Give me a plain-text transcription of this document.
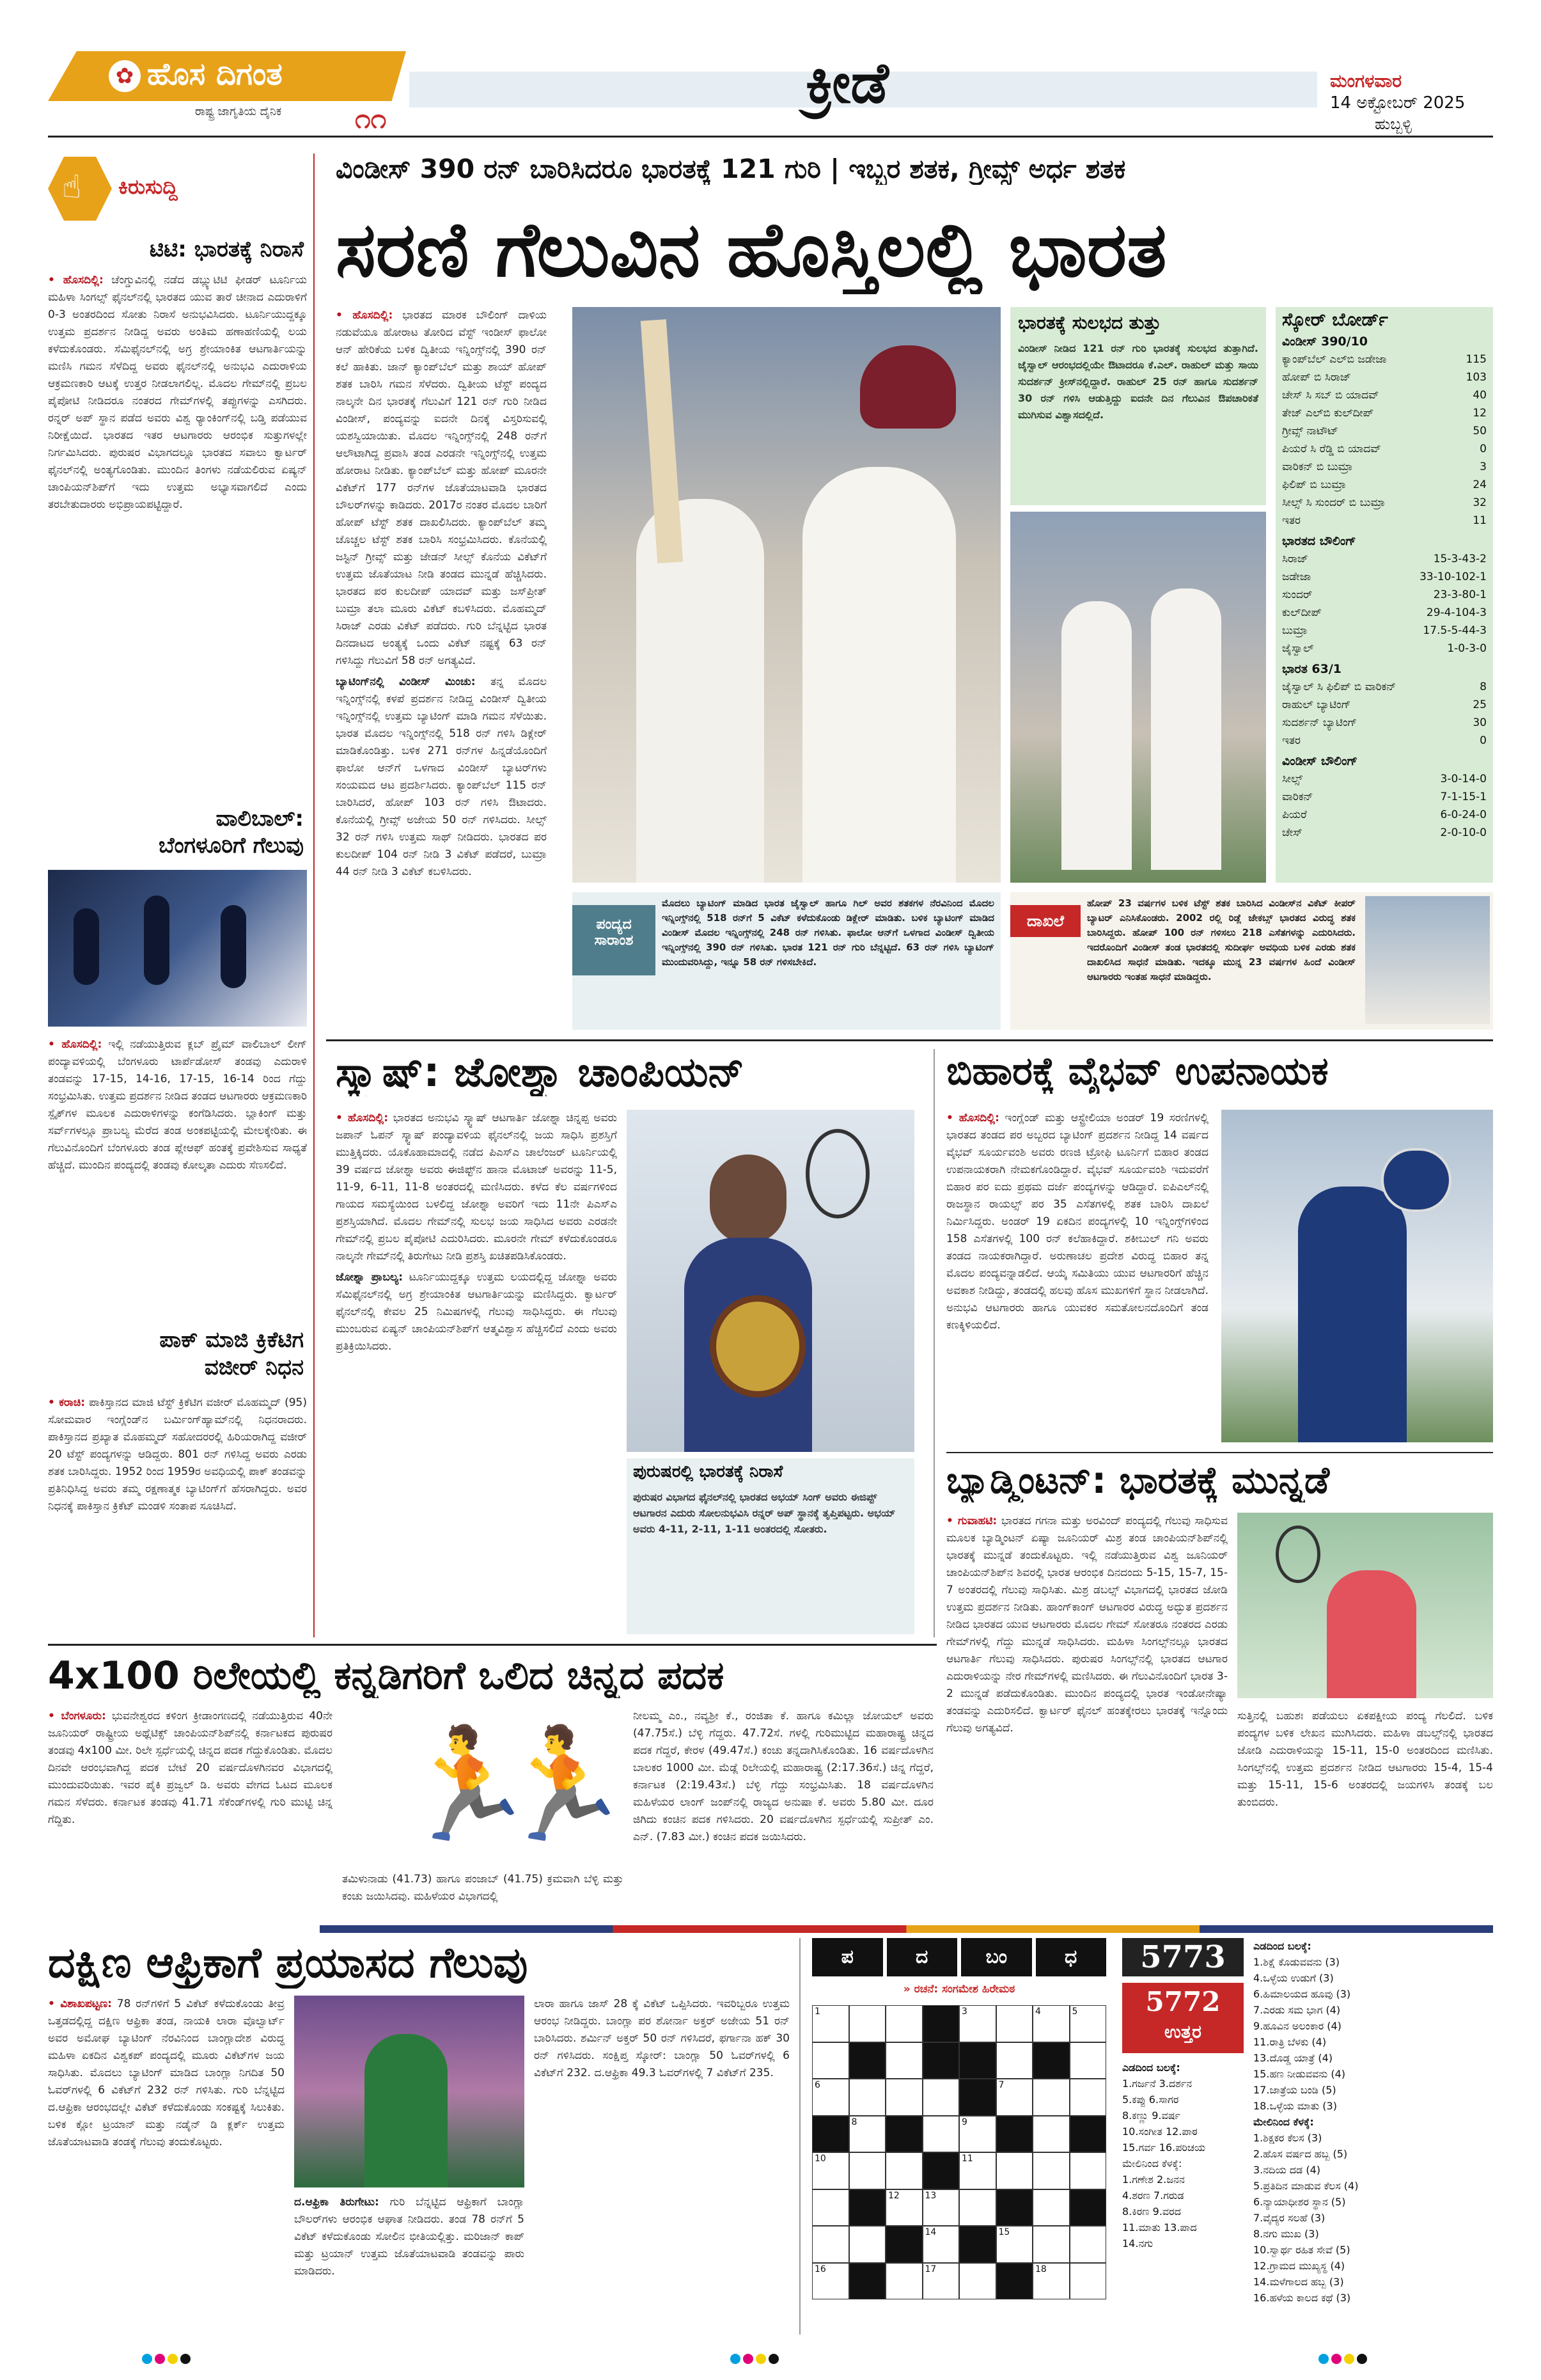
✿ ಹೊಸ ದಿಗಂತ
ರಾಷ್ಟ್ರ ಜಾಗೃತಿಯ ದೈನಿಕ	೧೧
ಕ್ರೀಡೆ	ಮಂಗಳವಾರ
14 ಅಕ್ಟೋಬರ್ 2025
ಹುಬ್ಬಳ್ಳಿ
☝ ಕಿರುಸುದ್ದಿ
ಟಿಟಿ: ಭಾರತಕ್ಕೆ ನಿರಾಸೆ
• ಹೊಸದಿಲ್ಲಿ: ಚೆಂಗ್ಡುವಿನಲ್ಲಿ ನಡೆದ ಡಬ್ಲ್ಯುಟಿಟಿ ಫೀಡರ್ ಟೂರ್ನಿಯ ಮಹಿಳಾ ಸಿಂಗಲ್ಸ್ ಫೈನಲ್‌ನಲ್ಲಿ ಭಾರತದ ಯುವ ತಾರೆ ಚೀನಾದ ಎದುರಾಳಿಗೆ 0-3 ಅಂತರದಿಂದ ಸೋತು ನಿರಾಸೆ ಅನುಭವಿಸಿದರು. ಟೂರ್ನಿಯುದ್ದಕ್ಕೂ ಉತ್ತಮ ಪ್ರದರ್ಶನ ನೀಡಿದ್ದ ಅವರು ಅಂತಿಮ ಹಣಾಹಣಿಯಲ್ಲಿ ಲಯ ಕಳೆದುಕೊಂಡರು. ಸೆಮಿಫೈನಲ್‌ನಲ್ಲಿ ಅಗ್ರ ಶ್ರೇಯಾಂಕಿತ ಆಟಗಾರ್ತಿಯನ್ನು ಮಣಿಸಿ ಗಮನ ಸೆಳೆದಿದ್ದ ಅವರು ಫೈನಲ್‌ನಲ್ಲಿ ಅನುಭವಿ ಎದುರಾಳಿಯ ಆಕ್ರಮಣಕಾರಿ ಆಟಕ್ಕೆ ಉತ್ತರ ನೀಡಲಾಗಲಿಲ್ಲ. ಮೊದಲ ಗೇಮ್‌ನಲ್ಲಿ ಪ್ರಬಲ ಪೈಪೋಟಿ ನೀಡಿದರೂ ನಂತರದ ಗೇಮ್‌ಗಳಲ್ಲಿ ತಪ್ಪುಗಳನ್ನು ಎಸಗಿದರು. ರನ್ನರ್ ಅಪ್ ಸ್ಥಾನ ಪಡೆದ ಅವರು ವಿಶ್ವ ರ‍್ಯಾಂಕಿಂಗ್‌ನಲ್ಲಿ ಬಡ್ತಿ ಪಡೆಯುವ ನಿರೀಕ್ಷೆಯಿದೆ. ಭಾರತದ ಇತರ ಆಟಗಾರರು ಆರಂಭಿಕ ಸುತ್ತುಗಳಲ್ಲೇ ನಿರ್ಗಮಿಸಿದರು. ಪುರುಷರ ವಿಭಾಗದಲ್ಲೂ ಭಾರತದ ಸವಾಲು ಕ್ವಾರ್ಟರ್ ಫೈನಲ್‌ನಲ್ಲಿ ಅಂತ್ಯಗೊಂಡಿತು. ಮುಂದಿನ ತಿಂಗಳು ನಡೆಯಲಿರುವ ಏಷ್ಯನ್ ಚಾಂಪಿಯನ್‌ಶಿಪ್‌ಗೆ ಇದು ಉತ್ತಮ ಅಭ್ಯಾಸವಾಗಲಿದೆ ಎಂದು ತರಬೇತುದಾರರು ಅಭಿಪ್ರಾಯಪಟ್ಟಿದ್ದಾರೆ.
ವಾಲಿಬಾಲ್:
ಬೆಂಗಳೂರಿಗೆ ಗೆಲುವು
• ಹೊಸದಿಲ್ಲಿ: ಇಲ್ಲಿ ನಡೆಯುತ್ತಿರುವ ಕ್ಲಬ್ ಪ್ರೈಮ್ ವಾಲಿಬಾಲ್ ಲೀಗ್ ಪಂದ್ಯಾವಳಿಯಲ್ಲಿ ಬೆಂಗಳೂರು ಟಾರ್ಪೆಡೋಸ್ ತಂಡವು ಎದುರಾಳಿ ತಂಡವನ್ನು 17-15, 14-16, 17-15, 16-14 ರಿಂದ ಗೆದ್ದು ಸಂಭ್ರಮಿಸಿತು. ಉತ್ತಮ ಪ್ರದರ್ಶನ ನೀಡಿದ ತಂಡದ ಆಟಗಾರರು ಆಕ್ರಮಣಕಾರಿ ಸ್ಪೈಕ್‌ಗಳ ಮೂಲಕ ಎದುರಾಳಿಗಳನ್ನು ಕಂಗೆಡಿಸಿದರು. ಬ್ಲಾಕಿಂಗ್ ಮತ್ತು ಸರ್ವ್‌ಗಳಲ್ಲೂ ಪ್ರಾಬಲ್ಯ ಮೆರೆದ ತಂಡ ಅಂಕಪಟ್ಟಿಯಲ್ಲಿ ಮೇಲಕ್ಕೇರಿತು. ಈ ಗೆಲುವಿನೊಂದಿಗೆ ಬೆಂಗಳೂರು ತಂಡ ಪ್ಲೇಆಫ್ ಹಂತಕ್ಕೆ ಪ್ರವೇಶಿಸುವ ಸಾಧ್ಯತೆ ಹೆಚ್ಚಿದೆ. ಮುಂದಿನ ಪಂದ್ಯದಲ್ಲಿ ತಂಡವು ಕೋಲ್ಕತಾ ಎದುರು ಸೆಣಸಲಿದೆ.
ಪಾಕ್ ಮಾಜಿ ಕ್ರಿಕೆಟಿಗ
ವಜೀರ್ ನಿಧನ
• ಕರಾಚಿ: ಪಾಕಿಸ್ತಾನದ ಮಾಜಿ ಟೆಸ್ಟ್ ಕ್ರಿಕೆಟಿಗ ವಜೀರ್ ಮೊಹಮ್ಮದ್ (95) ಸೋಮವಾರ ಇಂಗ್ಲೆಂಡ್‌ನ ಬರ್ಮಿಂಗ್‌ಹ್ಯಾಮ್‌ನಲ್ಲಿ ನಿಧನರಾದರು. ಪಾಕಿಸ್ತಾನದ ಪ್ರಖ್ಯಾತ ಮೊಹಮ್ಮದ್ ಸಹೋದರರಲ್ಲಿ ಹಿರಿಯರಾಗಿದ್ದ ವಜೀರ್ 20 ಟೆಸ್ಟ್ ಪಂದ್ಯಗಳನ್ನು ಆಡಿದ್ದರು. 801 ರನ್ ಗಳಿಸಿದ್ದ ಅವರು ಎರಡು ಶತಕ ಬಾರಿಸಿದ್ದರು. 1952 ರಿಂದ 1959ರ ಅವಧಿಯಲ್ಲಿ ಪಾಕ್ ತಂಡವನ್ನು ಪ್ರತಿನಿಧಿಸಿದ್ದ ಅವರು ತಮ್ಮ ರಕ್ಷಣಾತ್ಮಕ ಬ್ಯಾಟಿಂಗ್‌ಗೆ ಹೆಸರಾಗಿದ್ದರು. ಅವರ ನಿಧನಕ್ಕೆ ಪಾಕಿಸ್ತಾನ ಕ್ರಿಕೆಟ್ ಮಂಡಳಿ ಸಂತಾಪ ಸೂಚಿಸಿದೆ.
ವಿಂಡೀಸ್ 390 ರನ್ ಬಾರಿಸಿದರೂ ಭಾರತಕ್ಕೆ 121 ಗುರಿ | ಇಬ್ಬರ ಶತಕ, ಗ್ರೀವ್ಸ್ ಅರ್ಧ ಶತಕ
ಸರಣಿ ಗೆಲುವಿನ ಹೊಸ್ತಿಲಲ್ಲಿ ಭಾರತ
• ಹೊಸದಿಲ್ಲಿ: ಭಾರತದ ಮಾರಕ ಬೌಲಿಂಗ್ ದಾಳಿಯ ನಡುವೆಯೂ ಹೋರಾಟ ತೋರಿದ ವೆಸ್ಟ್ ಇಂಡೀಸ್ ಫಾಲೋ ಆನ್ ಹೇರಿಕೆಯ ಬಳಿಕ ದ್ವಿತೀಯ ಇನ್ನಿಂಗ್ಸ್‌ನಲ್ಲಿ 390 ರನ್ ಕಲೆ ಹಾಕಿತು. ಜಾನ್ ಕ್ಯಾಂಪ್‌ಬೆಲ್ ಮತ್ತು ಶಾಯ್ ಹೋಪ್ ಶತಕ ಬಾರಿಸಿ ಗಮನ ಸೆಳೆದರು. ದ್ವಿತೀಯ ಟೆಸ್ಟ್ ಪಂದ್ಯದ ನಾಲ್ಕನೇ ದಿನ ಭಾರತಕ್ಕೆ ಗೆಲುವಿಗೆ 121 ರನ್ ಗುರಿ ನೀಡಿದ ವಿಂಡೀಸ್, ಪಂದ್ಯವನ್ನು ಐದನೇ ದಿನಕ್ಕೆ ವಿಸ್ತರಿಸುವಲ್ಲಿ ಯಶಸ್ವಿಯಾಯಿತು. ಮೊದಲ ಇನ್ನಿಂಗ್ಸ್‌ನಲ್ಲಿ 248 ರನ್‌ಗೆ ಆಲೌಟಾಗಿದ್ದ ಪ್ರವಾಸಿ ತಂಡ ಎರಡನೇ ಇನ್ನಿಂಗ್ಸ್‌ನಲ್ಲಿ ಉತ್ತಮ ಹೋರಾಟ ನೀಡಿತು. ಕ್ಯಾಂಪ್‌ಬೆಲ್ ಮತ್ತು ಹೋಪ್ ಮೂರನೇ ವಿಕೆಟ್‌ಗೆ 177 ರನ್‌ಗಳ ಜೊತೆಯಾಟವಾಡಿ ಭಾರತದ ಬೌಲರ್‌ಗಳನ್ನು ಕಾಡಿದರು. 2017ರ ನಂತರ ಮೊದಲ ಬಾರಿಗೆ ಹೋಪ್ ಟೆಸ್ಟ್ ಶತಕ ದಾಖಲಿಸಿದರು. ಕ್ಯಾಂಪ್‌ಬೆಲ್ ತಮ್ಮ ಚೊಚ್ಚಲ ಟೆಸ್ಟ್ ಶತಕ ಬಾರಿಸಿ ಸಂಭ್ರಮಿಸಿದರು. ಕೊನೆಯಲ್ಲಿ ಜಸ್ಟಿನ್ ಗ್ರೀವ್ಸ್ ಮತ್ತು ಜೇಡನ್ ಸೀಲ್ಸ್ ಕೊನೆಯ ವಿಕೆಟ್‌ಗೆ ಉತ್ತಮ ಜೊತೆಯಾಟ ನೀಡಿ ತಂಡದ ಮುನ್ನಡೆ ಹೆಚ್ಚಿಸಿದರು. ಭಾರತದ ಪರ ಕುಲದೀಪ್ ಯಾದವ್ ಮತ್ತು ಜಸ್‌ಪ್ರೀತ್ ಬುಮ್ರಾ ತಲಾ ಮೂರು ವಿಕೆಟ್ ಕಬಳಿಸಿದರು. ಮೊಹಮ್ಮದ್ ಸಿರಾಜ್ ಎರಡು ವಿಕೆಟ್ ಪಡೆದರು. ಗುರಿ ಬೆನ್ನಟ್ಟಿದ ಭಾರತ ದಿನದಾಟದ ಅಂತ್ಯಕ್ಕೆ ಒಂದು ವಿಕೆಟ್ ನಷ್ಟಕ್ಕೆ 63 ರನ್ ಗಳಿಸಿದ್ದು ಗೆಲುವಿಗೆ 58 ರನ್ ಅಗತ್ಯವಿದೆ.

ಬ್ಯಾಟಿಂಗ್‌ನಲ್ಲಿ ವಿಂಡೀಸ್ ಮಿಂಚು: ತನ್ನ ಮೊದಲ ಇನ್ನಿಂಗ್ಸ್‌ನಲ್ಲಿ ಕಳಪೆ ಪ್ರದರ್ಶನ ನೀಡಿದ್ದ ವಿಂಡೀಸ್ ದ್ವಿತೀಯ ಇನ್ನಿಂಗ್ಸ್‌ನಲ್ಲಿ ಉತ್ತಮ ಬ್ಯಾಟಿಂಗ್ ಮಾಡಿ ಗಮನ ಸೆಳೆಯಿತು. ಭಾರತ ಮೊದಲ ಇನ್ನಿಂಗ್ಸ್‌ನಲ್ಲಿ 518 ರನ್ ಗಳಿಸಿ ಡಿಕ್ಲೇರ್ ಮಾಡಿಕೊಂಡಿತ್ತು. ಬಳಿಕ 271 ರನ್‌ಗಳ ಹಿನ್ನಡೆಯೊಂದಿಗೆ ಫಾಲೋ ಆನ್‌ಗೆ ಒಳಗಾದ ವಿಂಡೀಸ್ ಬ್ಯಾಟರ್‌ಗಳು ಸಂಯಮದ ಆಟ ಪ್ರದರ್ಶಿಸಿದರು. ಕ್ಯಾಂಪ್‌ಬೆಲ್ 115 ರನ್ ಬಾರಿಸಿದರೆ, ಹೋಪ್ 103 ರನ್ ಗಳಿಸಿ ಔಟಾದರು. ಕೊನೆಯಲ್ಲಿ ಗ್ರೀವ್ಸ್ ಅಜೇಯ 50 ರನ್ ಗಳಿಸಿದರು. ಸೀಲ್ಸ್ 32 ರನ್ ಗಳಿಸಿ ಉತ್ತಮ ಸಾಥ್ ನೀಡಿದರು. ಭಾರತದ ಪರ ಕುಲದೀಪ್ 104 ರನ್ ನೀಡಿ 3 ವಿಕೆಟ್ ಪಡೆದರೆ, ಬುಮ್ರಾ 44 ರನ್ ನೀಡಿ 3 ವಿಕೆಟ್ ಕಬಳಿಸಿದರು.

ಭಾರತಕ್ಕೆ ಸುಲಭದ ತುತ್ತು
ವಿಂಡೀಸ್ ನೀಡಿದ 121 ರನ್ ಗುರಿ ಭಾರತಕ್ಕೆ ಸುಲಭದ ತುತ್ತಾಗಿದೆ. ಜೈಸ್ವಾಲ್ ಆರಂಭದಲ್ಲಿಯೇ ಔಟಾದರೂ ಕೆ.ಎಲ್. ರಾಹುಲ್ ಮತ್ತು ಸಾಯಿ ಸುದರ್ಶನ್ ಕ್ರೀಸ್‌ನಲ್ಲಿದ್ದಾರೆ. ರಾಹುಲ್ 25 ರನ್ ಹಾಗೂ ಸುದರ್ಶನ್ 30 ರನ್ ಗಳಿಸಿ ಆಡುತ್ತಿದ್ದು ಐದನೇ ದಿನ ಗೆಲುವಿನ ಔಪಚಾರಿಕತೆ ಮುಗಿಸುವ ವಿಶ್ವಾಸದಲ್ಲಿದೆ.
ಸ್ಕೋರ್ ಬೋರ್ಡ್
ವಿಂಡೀಸ್ 390/10
ಕ್ಯಾಂಪ್‌ಬೆಲ್ ಎಲ್‌ಬಿ ಜಡೇಜಾ	115
ಹೋಪ್ ಬಿ ಸಿರಾಜ್	103
ಚೇಸ್ ಸಿ ಸಬ್ ಬಿ ಯಾದವ್	40
ತೇಜ್ ಎಲ್‌ಬಿ ಕುಲ್‌ದೀಪ್	12
ಗ್ರೀವ್ಸ್ ನಾಟೌಟ್	50
ಪಿಯರೆ ಸಿ ರೆಡ್ಡಿ ಬಿ ಯಾದವ್	0
ವಾರಿಕನ್ ಬಿ ಬುಮ್ರಾ	3
ಫಿಲಿಪ್ ಬಿ ಬುಮ್ರಾ	24
ಸೀಲ್ಸ್ ಸಿ ಸುಂದರ್ ಬಿ ಬುಮ್ರಾ	32
ಇತರ	11
ಭಾರತದ ಬೌಲಿಂಗ್
ಸಿರಾಜ್	15-3-43-2
ಜಡೇಜಾ	33-10-102-1
ಸುಂದರ್	23-3-80-1
ಕುಲ್‌ದೀಪ್	29-4-104-3
ಬುಮ್ರಾ	17.5-5-44-3
ಜೈಸ್ವಾಲ್	1-0-3-0
ಭಾರತ 63/1
ಜೈಸ್ವಾಲ್ ಸಿ ಫಿಲಿಪ್ ಬಿ ವಾರಿಕನ್	8
ರಾಹುಲ್ ಬ್ಯಾಟಿಂಗ್	25
ಸುದರ್ಶನ್ ಬ್ಯಾಟಿಂಗ್	30
ಇತರ	0
ವಿಂಡೀಸ್ ಬೌಲಿಂಗ್
ಸೀಲ್ಸ್	3-0-14-0
ವಾರಿಕನ್	7-1-15-1
ಪಿಯರೆ	6-0-24-0
ಚೇಸ್	2-0-10-0
ಪಂದ್ಯದ
ಸಾರಾಂಶ
ಮೊದಲು ಬ್ಯಾಟಿಂಗ್ ಮಾಡಿದ ಭಾರತ ಜೈಸ್ವಾಲ್ ಹಾಗೂ ಗಿಲ್ ಅವರ ಶತಕಗಳ ನೆರವಿನಿಂದ ಮೊದಲ ಇನ್ನಿಂಗ್ಸ್‌ನಲ್ಲಿ 518 ರನ್‌ಗೆ 5 ವಿಕೆಟ್ ಕಳೆದುಕೊಂಡು ಡಿಕ್ಲೇರ್ ಮಾಡಿತು. ಬಳಿಕ ಬ್ಯಾಟಿಂಗ್ ಮಾಡಿದ ವಿಂಡೀಸ್ ಮೊದಲ ಇನ್ನಿಂಗ್ಸ್‌ನಲ್ಲಿ 248 ರನ್ ಗಳಿಸಿತು. ಫಾಲೋ ಆನ್‌ಗೆ ಒಳಗಾದ ವಿಂಡೀಸ್ ದ್ವಿತೀಯ ಇನ್ನಿಂಗ್ಸ್‌ನಲ್ಲಿ 390 ರನ್ ಗಳಿಸಿತು. ಭಾರತ 121 ರನ್ ಗುರಿ ಬೆನ್ನಟ್ಟಿದೆ. 63 ರನ್ ಗಳಿಸಿ ಬ್ಯಾಟಿಂಗ್ ಮುಂದುವರಿಸಿದ್ದು, ಇನ್ನೂ 58 ರನ್ ಗಳಿಸಬೇಕಿದೆ.
ದಾಖಲೆ
ಹೋಪ್ 23 ವರ್ಷಗಳ ಬಳಿಕ ಟೆಸ್ಟ್ ಶತಕ ಬಾರಿಸಿದ ವಿಂಡೀಸ್‌ನ ವಿಕೆಟ್ ಕೀಪರ್ ಬ್ಯಾಟರ್ ಎನಿಸಿಕೊಂಡರು. 2002 ರಲ್ಲಿ ರಿಡ್ಲೆ ಜೇಕಬ್ಸ್ ಭಾರತದ ವಿರುದ್ಧ ಶತಕ ಬಾರಿಸಿದ್ದರು. ಹೋಪ್ 100 ರನ್ ಗಳಿಸಲು 218 ಎಸೆತಗಳನ್ನು ಎದುರಿಸಿದರು. ಇದರೊಂದಿಗೆ ವಿಂಡೀಸ್ ತಂಡ ಭಾರತದಲ್ಲಿ ಸುದೀರ್ಘ ಅವಧಿಯ ಬಳಿಕ ಎರಡು ಶತಕ ದಾಖಲಿಸಿದ ಸಾಧನೆ ಮಾಡಿತು. ಇದಕ್ಕೂ ಮುನ್ನ 23 ವರ್ಷಗಳ ಹಿಂದೆ ವಿಂಡೀಸ್ ಆಟಗಾರರು ಇಂತಹ ಸಾಧನೆ ಮಾಡಿದ್ದರು.
ಸ್ಕ್ವಾಷ್: ಜೋಶ್ನಾ ಚಾಂಪಿಯನ್
• ಹೊಸದಿಲ್ಲಿ: ಭಾರತದ ಅನುಭವಿ ಸ್ಕ್ವಾಷ್ ಆಟಗಾರ್ತಿ ಜೋಶ್ನಾ ಚಿನ್ನಪ್ಪ ಅವರು ಜಪಾನ್ ಓಪನ್ ಸ್ಕ್ವಾಷ್ ಪಂದ್ಯಾವಳಿಯ ಫೈನಲ್‌ನಲ್ಲಿ ಜಯ ಸಾಧಿಸಿ ಪ್ರಶಸ್ತಿಗೆ ಮುತ್ತಿಕ್ಕಿದರು. ಯೊಕೊಹಾಮಾದಲ್ಲಿ ನಡೆದ ಪಿಎಸ್‌ಎ ಚಾಲೆಂಜರ್ ಟೂರ್ನಿಯಲ್ಲಿ 39 ವರ್ಷದ ಜೋಶ್ನಾ ಅವರು ಈಜಿಪ್ಟ್‌ನ ಹಾನಾ ಮೊಟಾಜ್ ಅವರನ್ನು 11-5, 11-9, 6-11, 11-8 ಅಂತರದಲ್ಲಿ ಮಣಿಸಿದರು. ಕಳೆದ ಕೆಲ ವರ್ಷಗಳಿಂದ ಗಾಯದ ಸಮಸ್ಯೆಯಿಂದ ಬಳಲಿದ್ದ ಜೋಶ್ನಾ ಅವರಿಗೆ ಇದು 11ನೇ ಪಿಎಸ್‌ಎ ಪ್ರಶಸ್ತಿಯಾಗಿದೆ. ಮೊದಲ ಗೇಮ್‌ನಲ್ಲಿ ಸುಲಭ ಜಯ ಸಾಧಿಸಿದ ಅವರು ಎರಡನೇ ಗೇಮ್‌ನಲ್ಲಿ ಪ್ರಬಲ ಪೈಪೋಟಿ ಎದುರಿಸಿದರು. ಮೂರನೇ ಗೇಮ್ ಕಳೆದುಕೊಂಡರೂ ನಾಲ್ಕನೇ ಗೇಮ್‌ನಲ್ಲಿ ತಿರುಗೇಟು ನೀಡಿ ಪ್ರಶಸ್ತಿ ಖಚಿತಪಡಿಸಿಕೊಂಡರು.

ಜೋಶ್ನಾ ಪ್ರಾಬಲ್ಯ: ಟೂರ್ನಿಯುದ್ದಕ್ಕೂ ಉತ್ತಮ ಲಯದಲ್ಲಿದ್ದ ಜೋಶ್ನಾ ಅವರು ಸೆಮಿಫೈನಲ್‌ನಲ್ಲಿ ಅಗ್ರ ಶ್ರೇಯಾಂಕಿತ ಆಟಗಾರ್ತಿಯನ್ನು ಮಣಿಸಿದ್ದರು. ಕ್ವಾರ್ಟರ್ ಫೈನಲ್‌ನಲ್ಲಿ ಕೇವಲ 25 ನಿಮಿಷಗಳಲ್ಲಿ ಗೆಲುವು ಸಾಧಿಸಿದ್ದರು. ಈ ಗೆಲುವು ಮುಂಬರುವ ಏಷ್ಯನ್ ಚಾಂಪಿಯನ್‌ಶಿಪ್‌ಗೆ ಆತ್ಮವಿಶ್ವಾಸ ಹೆಚ್ಚಿಸಲಿದೆ ಎಂದು ಅವರು ಪ್ರತಿಕ್ರಿಯಿಸಿದರು.

ಪುರುಷರಲ್ಲಿ ಭಾರತಕ್ಕೆ ನಿರಾಸೆ
ಪುರುಷರ ವಿಭಾಗದ ಫೈನಲ್‌ನಲ್ಲಿ ಭಾರತದ ಅಭಯ್ ಸಿಂಗ್ ಅವರು ಈಜಿಪ್ಟ್ ಆಟಗಾರನ ಎದುರು ಸೋಲನುಭವಿಸಿ ರನ್ನರ್ ಅಪ್ ಸ್ಥಾನಕ್ಕೆ ತೃಪ್ತಿಪಟ್ಟರು. ಅಭಯ್ ಅವರು 4-11, 2-11, 1-11 ಅಂತರದಲ್ಲಿ ಸೋತರು.
ಬಿಹಾರಕ್ಕೆ ವೈಭವ್ ಉಪನಾಯಕ
• ಹೊಸದಿಲ್ಲಿ: ಇಂಗ್ಲೆಂಡ್ ಮತ್ತು ಆಸ್ಟ್ರೇಲಿಯಾ ಅಂಡರ್ 19 ಸರಣಿಗಳಲ್ಲಿ ಭಾರತದ ತಂಡದ ಪರ ಅಬ್ಬರದ ಬ್ಯಾಟಿಂಗ್ ಪ್ರದರ್ಶನ ನೀಡಿದ್ದ 14 ವರ್ಷದ ವೈಭವ್ ಸೂರ್ಯವಂಶಿ ಅವರು ರಣಜಿ ಟ್ರೋಫಿ ಟೂರ್ನಿಗೆ ಬಿಹಾರ ತಂಡದ ಉಪನಾಯಕರಾಗಿ ನೇಮಕಗೊಂಡಿದ್ದಾರೆ. ವೈಭವ್ ಸೂರ್ಯವಂಶಿ ಇದುವರೆಗೆ ಬಿಹಾರ ಪರ ಐದು ಪ್ರಥಮ ದರ್ಜೆ ಪಂದ್ಯಗಳನ್ನು ಆಡಿದ್ದಾರೆ. ಐಪಿಎಲ್‌ನಲ್ಲಿ ರಾಜಸ್ಥಾನ ರಾಯಲ್ಸ್ ಪರ 35 ಎಸೆತಗಳಲ್ಲಿ ಶತಕ ಬಾರಿಸಿ ದಾಖಲೆ ನಿರ್ಮಿಸಿದ್ದರು. ಅಂಡರ್ 19 ಏಕದಿನ ಪಂದ್ಯಗಳಲ್ಲಿ 10 ಇನ್ನಿಂಗ್ಸ್‌ಗಳಿಂದ 158 ಎಸೆತಗಳಲ್ಲಿ 100 ರನ್ ಕಲೆಹಾಕಿದ್ದಾರೆ. ಶಕೀಬುಲ್ ಗನಿ ಅವರು ತಂಡದ ನಾಯಕರಾಗಿದ್ದಾರೆ. ಅರುಣಾಚಲ ಪ್ರದೇಶ ವಿರುದ್ಧ ಬಿಹಾರ ತನ್ನ ಮೊದಲ ಪಂದ್ಯವನ್ನಾಡಲಿದೆ. ಆಯ್ಕೆ ಸಮಿತಿಯು ಯುವ ಆಟಗಾರರಿಗೆ ಹೆಚ್ಚಿನ ಅವಕಾಶ ನೀಡಿದ್ದು, ತಂಡದಲ್ಲಿ ಹಲವು ಹೊಸ ಮುಖಗಳಿಗೆ ಸ್ಥಾನ ನೀಡಲಾಗಿದೆ. ಅನುಭವಿ ಆಟಗಾರರು ಹಾಗೂ ಯುವಕರ ಸಮತೋಲನದೊಂದಿಗೆ ತಂಡ ಕಣಕ್ಕಿಳಿಯಲಿದೆ.
ಬ್ಯಾಡ್ಮಿಂಟನ್: ಭಾರತಕ್ಕೆ ಮುನ್ನಡೆ
• ಗುವಾಹಟಿ: ಭಾರತದ ಗಗನಾ ಮತ್ತು ಅರವಿಂದ್ ಪಂದ್ಯದಲ್ಲಿ ಗೆಲುವು ಸಾಧಿಸುವ ಮೂಲಕ ಬ್ಯಾಡ್ಮಿಂಟನ್ ಏಷ್ಯಾ ಜೂನಿಯರ್ ಮಿಶ್ರ ತಂಡ ಚಾಂಪಿಯನ್‌ಶಿಪ್‌ನಲ್ಲಿ ಭಾರತಕ್ಕೆ ಮುನ್ನಡೆ ತಂದುಕೊಟ್ಟರು. ಇಲ್ಲಿ ನಡೆಯುತ್ತಿರುವ ವಿಶ್ವ ಜೂನಿಯರ್ ಚಾಂಪಿಯನ್‌ಶಿಪ್‌ನ ಶಿವರಲ್ಲಿ ಭಾರತ ಆರಂಭಿಕ ದಿನದಂದು 5-15, 15-7, 15-7 ಅಂತರದಲ್ಲಿ ಗೆಲುವು ಸಾಧಿಸಿತು. ಮಿಶ್ರ ಡಬಲ್ಸ್ ವಿಭಾಗದಲ್ಲಿ ಭಾರತದ ಜೋಡಿ ಉತ್ತಮ ಪ್ರದರ್ಶನ ನೀಡಿತು. ಹಾಂಗ್‌ಕಾಂಗ್ ಆಟಗಾರರ ವಿರುದ್ಧ ಅದ್ಭುತ ಪ್ರದರ್ಶನ ನೀಡಿದ ಭಾರತದ ಯುವ ಆಟಗಾರರು ಮೊದಲ ಗೇಮ್ ಸೋತರೂ ನಂತರದ ಎರಡು ಗೇಮ್‌ಗಳಲ್ಲಿ ಗೆದ್ದು ಮುನ್ನಡೆ ಸಾಧಿಸಿದರು. ಮಹಿಳಾ ಸಿಂಗಲ್ಸ್‌ನಲ್ಲೂ ಭಾರತದ ಆಟಗಾರ್ತಿ ಗೆಲುವು ಸಾಧಿಸಿದರು. ಪುರುಷರ ಸಿಂಗಲ್ಸ್‌ನಲ್ಲಿ ಭಾರತದ ಆಟಗಾರ ಎದುರಾಳಿಯನ್ನು ನೇರ ಗೇಮ್‌ಗಳಲ್ಲಿ ಮಣಿಸಿದರು. ಈ ಗೆಲುವಿನೊಂದಿಗೆ ಭಾರತ 3-2 ಮುನ್ನಡೆ ಪಡೆದುಕೊಂಡಿತು. ಮುಂದಿನ ಪಂದ್ಯದಲ್ಲಿ ಭಾರತ ಇಂಡೋನೇಷ್ಯಾ ತಂಡವನ್ನು ಎದುರಿಸಲಿದೆ. ಕ್ವಾರ್ಟರ್ ಫೈನಲ್ ಹಂತಕ್ಕೇರಲು ಭಾರತಕ್ಕೆ ಇನ್ನೊಂದು ಗೆಲುವು ಅಗತ್ಯವಿದೆ.
ಸುತ್ತಿನಲ್ಲಿ ಬಹುಶಃ ಪಡೆಯಲು ಏಕಪಕ್ಷೀಯ ಪಂದ್ಯ ಗೆಲಲಿದೆ. ಬಳಿಕ ಪಂದ್ಯಗಳ ಬಳಿಕ ಲೇಖನ ಮುಗಿಸಿದರು. ಮಹಿಳಾ ಡಬಲ್ಸ್‌ನಲ್ಲಿ ಭಾರತದ ಜೋಡಿ ಎದುರಾಳಿಯನ್ನು 15-11, 15-0 ಅಂತರದಿಂದ ಮಣಿಸಿತು. ಸಿಂಗಲ್ಸ್‌ನಲ್ಲಿ ಉತ್ತಮ ಪ್ರದರ್ಶನ ನೀಡಿದ ಆಟಗಾರರು 15-4, 15-4 ಮತ್ತು 15-11, 15-6 ಅಂತರದಲ್ಲಿ ಜಯಗಳಿಸಿ ತಂಡಕ್ಕೆ ಬಲ ತುಂಬಿದರು.
4x100 ರಿಲೇಯಲ್ಲಿ ಕನ್ನಡಿಗರಿಗೆ ಒಲಿದ ಚಿನ್ನದ ಪದಕ
• ಬೆಂಗಳೂರು: ಭುವನೇಶ್ವರದ ಕಳಿಂಗ ಕ್ರೀಡಾಂಗಣದಲ್ಲಿ ನಡೆಯುತ್ತಿರುವ 40ನೇ ಜೂನಿಯರ್ ರಾಷ್ಟ್ರೀಯ ಅಥ್ಲೆಟಿಕ್ಸ್ ಚಾಂಪಿಯನ್‌ಶಿಪ್‌ನಲ್ಲಿ ಕರ್ನಾಟಕದ ಪುರುಷರ ತಂಡವು 4x100 ಮೀ. ರಿಲೇ ಸ್ಪರ್ಧೆಯಲ್ಲಿ ಚಿನ್ನದ ಪದಕ ಗೆದ್ದುಕೊಂಡಿತು. ಮೊದಲ ದಿನವೇ ಆರಂಭವಾಗಿದ್ದ ಪದಕ ಬೇಟೆ 20 ವರ್ಷದೊಳಗಿನವರ ವಿಭಾಗದಲ್ಲಿ ಮುಂದುವರಿಯಿತು. ಇವರ ಪೈಕಿ ಪ್ರಜ್ವಲ್ ಡಿ. ಅವರು ವೇಗದ ಓಟದ ಮೂಲಕ ಗಮನ ಸೆಳೆದರು. ಕರ್ನಾಟಕ ತಂಡವು 41.71 ಸೆಕೆಂಡ್‌ಗಳಲ್ಲಿ ಗುರಿ ಮುಟ್ಟಿ ಚಿನ್ನ ಗೆದ್ದಿತು.	🏃
🏃
ತಮಿಳುನಾಡು (41.73) ಹಾಗೂ ಪಂಜಾಬ್ (41.75) ಕ್ರಮವಾಗಿ ಬೆಳ್ಳಿ ಮತ್ತು ಕಂಚು ಜಯಿಸಿದವು. ಮಹಿಳೆಯರ ವಿಭಾಗದಲ್ಲಿ
ನೀಲಮ್ಮ ಎಂ., ನವ್ಯಶ್ರೀ ಕೆ., ರಂಜಿತಾ ಕೆ. ಹಾಗೂ ಕಮಿಲ್ಲಾ ಜೋಯಲ್ ಅವರು (47.75ಸೆ.) ಬೆಳ್ಳಿ ಗೆದ್ದರು. 47.72ಸೆ. ಗಳಲ್ಲಿ ಗುರಿಮುಟ್ಟಿದ ಮಹಾರಾಷ್ಟ್ರ ಚಿನ್ನದ ಪದಕ ಗೆದ್ದರೆ, ಕೇರಳ (49.47ಸೆ.) ಕಂಚು ತನ್ನದಾಗಿಸಿಕೊಂಡಿತು. 16 ವರ್ಷದೊಳಗಿನ ಬಾಲಕರ 1000 ಮೀ. ಮೆಡ್ಲೆ ರಿಲೇಯಲ್ಲಿ ಮಹಾರಾಷ್ಟ್ರ (2:17.36ಸೆ.) ಚಿನ್ನ ಗೆದ್ದರೆ, ಕರ್ನಾಟಕ (2:19.43ಸೆ.) ಬೆಳ್ಳಿ ಗೆದ್ದು ಸಂಭ್ರಮಿಸಿತು. 18 ವರ್ಷದೊಳಗಿನ ಮಹಿಳೆಯರ ಲಾಂಗ್ ಜಂಪ್‌ನಲ್ಲಿ ರಾಜ್ಯದ ಅನುಷಾ ಕೆ. ಅವರು 5.80 ಮೀ. ದೂರ ಜಿಗಿದು ಕಂಚಿನ ಪದಕ ಗಳಿಸಿದರು. 20 ವರ್ಷದೊಳಗಿನ ಸ್ಪರ್ಧೆಯಲ್ಲಿ ಸುಪ್ರೀತ್ ಎಂ. ಎನ್. (7.83 ಮೀ.) ಕಂಚಿನ ಪದಕ ಜಯಿಸಿದರು.
ದಕ್ಷಿಣ ಆಫ್ರಿಕಾಗೆ ಪ್ರಯಾಸದ ಗೆಲುವು
• ವಿಶಾಖಪಟ್ಟಣ: 78 ರನ್‌ಗಳಿಗೆ 5 ವಿಕೆಟ್ ಕಳೆದುಕೊಂಡು ತೀವ್ರ ಒತ್ತಡದಲ್ಲಿದ್ದ ದಕ್ಷಿಣ ಆಫ್ರಿಕಾ ತಂಡ, ನಾಯಕಿ ಲಾರಾ ವೊಲ್ವಾರ್ಟ್ ಅವರ ಅಮೋಘ ಬ್ಯಾಟಿಂಗ್ ನೆರವಿನಿಂದ ಬಾಂಗ್ಲಾದೇಶ ವಿರುದ್ಧ ಮಹಿಳಾ ಏಕದಿನ ವಿಶ್ವಕಪ್ ಪಂದ್ಯದಲ್ಲಿ ಮೂರು ವಿಕೆಟ್‌ಗಳ ಜಯ ಸಾಧಿಸಿತು. ಮೊದಲು ಬ್ಯಾಟಿಂಗ್ ಮಾಡಿದ ಬಾಂಗ್ಲಾ ನಿಗದಿತ 50 ಓವರ್‌ಗಳಲ್ಲಿ 6 ವಿಕೆಟ್‌ಗೆ 232 ರನ್ ಗಳಿಸಿತು. ಗುರಿ ಬೆನ್ನಟ್ಟಿದ ದ.ಆಫ್ರಿಕಾ ಆರಂಭದಲ್ಲೇ ವಿಕೆಟ್ ಕಳೆದುಕೊಂಡು ಸಂಕಷ್ಟಕ್ಕೆ ಸಿಲುಕಿತು. ಬಳಿಕ ಕ್ಲೋ ಟ್ರಯಾನ್ ಮತ್ತು ನಡೈನ್ ಡಿ ಕ್ಲರ್ಕ್ ಉತ್ತಮ ಜೊತೆಯಾಟವಾಡಿ ತಂಡಕ್ಕೆ ಗೆಲುವು ತಂದುಕೊಟ್ಟರು.
ದ.ಆಫ್ರಿಕಾ ತಿರುಗೇಟು: ಗುರಿ ಬೆನ್ನಟ್ಟಿದ ಆಫ್ರಿಕಾಗೆ ಬಾಂಗ್ಲಾ ಬೌಲರ್‌ಗಳು ಆರಂಭಿಕ ಆಘಾತ ನೀಡಿದರು. ತಂಡ 78 ರನ್‌ಗೆ 5 ವಿಕೆಟ್ ಕಳೆದುಕೊಂಡು ಸೋಲಿನ ಭೀತಿಯಲ್ಲಿತ್ತು. ಮರಿಜಾನ್ ಕಾಪ್ ಮತ್ತು ಟ್ರಯಾನ್ ಉತ್ತಮ ಜೊತೆಯಾಟವಾಡಿ ತಂಡವನ್ನು ಪಾರು ಮಾಡಿದರು.
ಲಾರಾ ಹಾಗೂ ಜಾಸ್ 28 ಕ್ಕೆ ವಿಕೆಟ್ ಒಪ್ಪಿಸಿದರು. ಇವರಿಬ್ಬರೂ ಉತ್ತಮ ಆರಂಭ ನೀಡಿದ್ದರು. ಬಾಂಗ್ಲಾ ಪರ ಶೋರ್ನಾ ಅಕ್ತರ್ ಅಜೇಯ 51 ರನ್ ಬಾರಿಸಿದರು. ಶರ್ಮಿನ್ ಅಕ್ತರ್ 50 ರನ್ ಗಳಿಸಿದರೆ, ಫರ್ಗಾನಾ ಹಕ್ 30 ರನ್ ಗಳಿಸಿದರು. ಸಂಕ್ಷಿಪ್ತ ಸ್ಕೋರ್: ಬಾಂಗ್ಲಾ 50 ಓವರ್‌ಗಳಲ್ಲಿ 6 ವಿಕೆಟ್‌ಗೆ 232. ದ.ಆಫ್ರಿಕಾ 49.3 ಓವರ್‌ಗಳಲ್ಲಿ 7 ವಿಕೆಟ್‌ಗೆ 235.
ಪ	ದ	ಬಂ	ಧ
» ರಚನೆ: ಸಂಗಮೇಶ ಹಿರೇಮಠ
1	3	4	5
6	7
8	9
10	11
12	13
14	15
16	17	18
5773
5772
ಉತ್ತರ
ಎಡದಿಂದ ಬಲಕ್ಕೆ:
1.ಗರ್ಜನೆ 3.ದರ್ಶನ
5.ಕಪ್ಪು 6.ಸಾಗರ
8.ಕಣ್ಣು 9.ವರ್ಷ
10.ಸಂಗೀತ 12.ಪಾಠ
15.ಗರ್ವ 16.ಪರಿಚಯ
ಮೇಲಿನಿಂದ ಕೆಳಕ್ಕೆ:
1.ಗಣೇಶ 2.ಜನನ
4.ಶರಣ 7.ಗರುಡ
8.ಕಿರಣ 9.ವರದ
11.ಮಾತು 13.ಪಾದ
14.ನಗು
ಎಡದಿಂದ ಬಲಕ್ಕೆ:
1.ಶಿಕ್ಷೆ ಕೊಡುವವನು (3)
4.ಒಳ್ಳೆಯ ಉಡುಗೆ (3)
6.ಹಿಮಾಲಯದ ಹೂವು (3)
7.ಎರಡು ಸಮ ಭಾಗ (4)
9.ಹೂವಿನ ಅಲಂಕಾರ (4)
11.ರಾತ್ರಿ ಬೆಳಕು (4)
13.ದೊಡ್ಡ ಯಾತ್ರೆ (4)
15.ಹಣ ನೀಡುವವನು (4)
17.ಜಾತ್ರೆಯ ಬಂಡಿ (5)
18.ಒಳ್ಳೆಯ ಮಾತು (3)
ಮೇಲಿನಿಂದ ಕೆಳಕ್ಕೆ:
1.ಶಿಕ್ಷಕರ ಕೆಲಸ (3)
2.ಹೊಸ ವರ್ಷದ ಹಬ್ಬ (5)
3.ನದಿಯ ದಡ (4)
5.ಪ್ರತಿದಿನ ಮಾಡುವ ಕೆಲಸ (4)
6.ನ್ಯಾಯಾಧೀಶರ ಸ್ಥಾನ (5)
7.ವೈದ್ಯರ ಸಲಹೆ (3)
8.ನಗು ಮುಖ (3)
10.ಸ್ವಾರ್ಥ ರಹಿತ ಸೇವೆ (5)
12.ಗ್ರಾಮದ ಮುಖ್ಯಸ್ಥ (4)
14.ಮಳೆಗಾಲದ ಹಬ್ಬ (3)
16.ಹಳೆಯ ಕಾಲದ ಕಥೆ (3)
